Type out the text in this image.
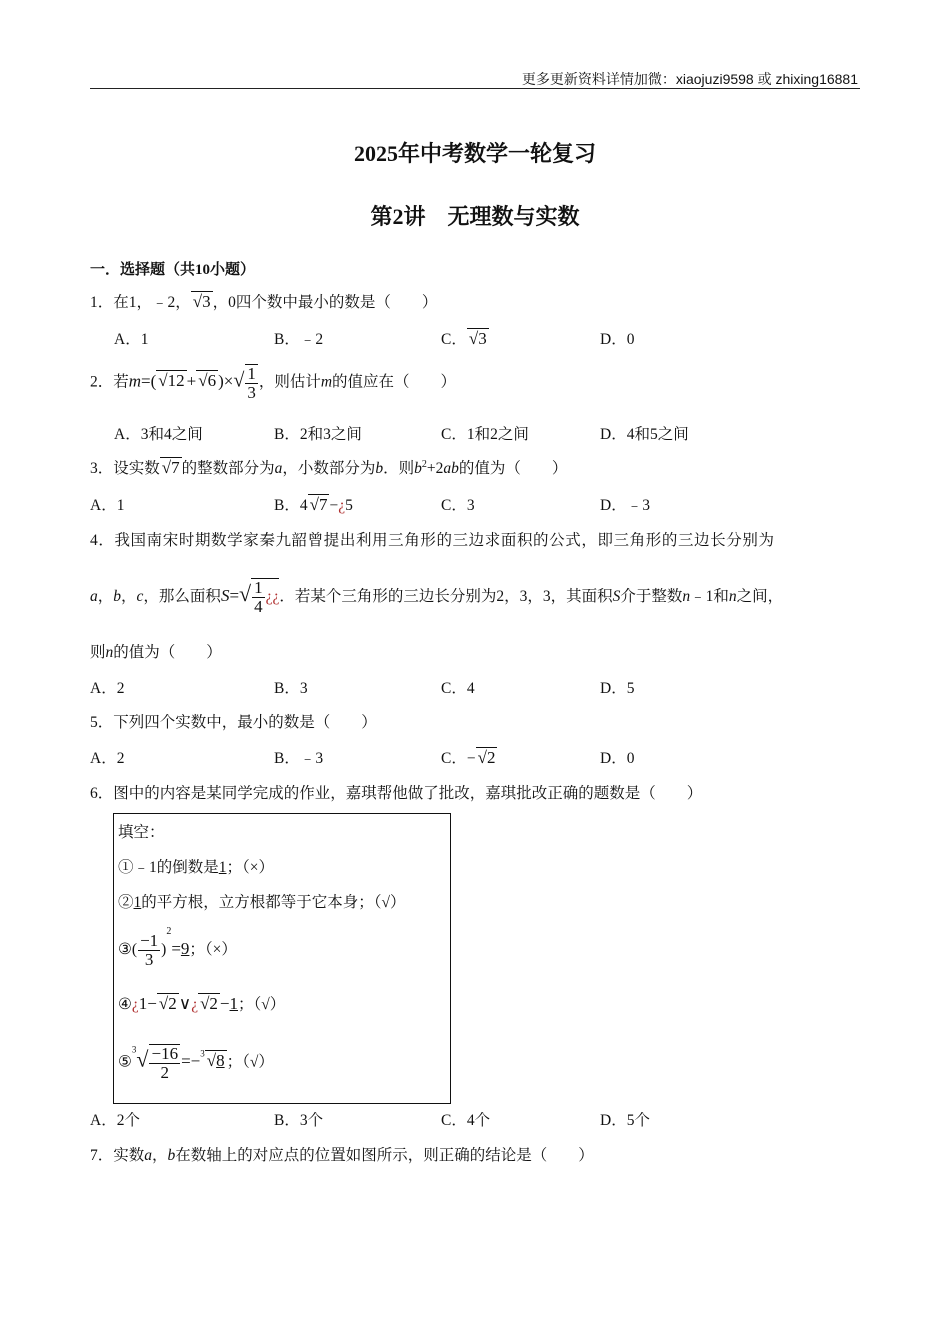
更多更新资料详情加微：xiaojuzi9598 或 zhixing16881
2025年中考数学一轮复习
第2讲　无理数与实数
一．选择题（共10小题）
1．在1，﹣2， √3 ，0四个数中最小的数是（　　）
A．1	B．﹣2	C． √3	D．0
2．若m=( √12 + √6 )×√ $\frac{1}{3}$ ，则估计m的值应在（　　）
A．3和4之间	B．2和3之间	C．1和2之间	D．4和5之间
3．设实数 √7 的整数部分为a，小数部分为b．则$b^2+2ab$的值为（　　）
A．1	B．4 √7 −¿5	C．3	D．﹣3
4．我国南宋时期数学家秦九韶曾提出利用三角形的三边求面积的公式，即三角形的三边长分别为
a，b，c，那么面积$S=√ \frac{1}{4}$ ¿¿．若某个三角形的三边长分别为2，3，3，其面积S介于整数n﹣1和n之间，
则n的值为（　　）
A．2	B．3	C．4	D．5
5．下列四个实数中，最小的数是（　　）
A．2	B．﹣3	C．− √2	D．0
6．图中的内容是某同学完成的作业，嘉琪帮他做了批改，嘉琪批改正确的题数是（　　）
填空：
①﹣1的倒数是1；（×）
②1的平方根，立方根都等于它本身；（√）
③( $\frac{-1}{3} )^2=9$；（×）
④¿1− √2 ∨¿ √2 −1；（√）
⑤$^3$√ $\frac{-16}{2} =-^3$ √8 ；（√）
A．2个	B．3个	C．4个	D．5个
7．实数a，b在数轴上的对应点的位置如图所示，则正确的结论是（　　）
